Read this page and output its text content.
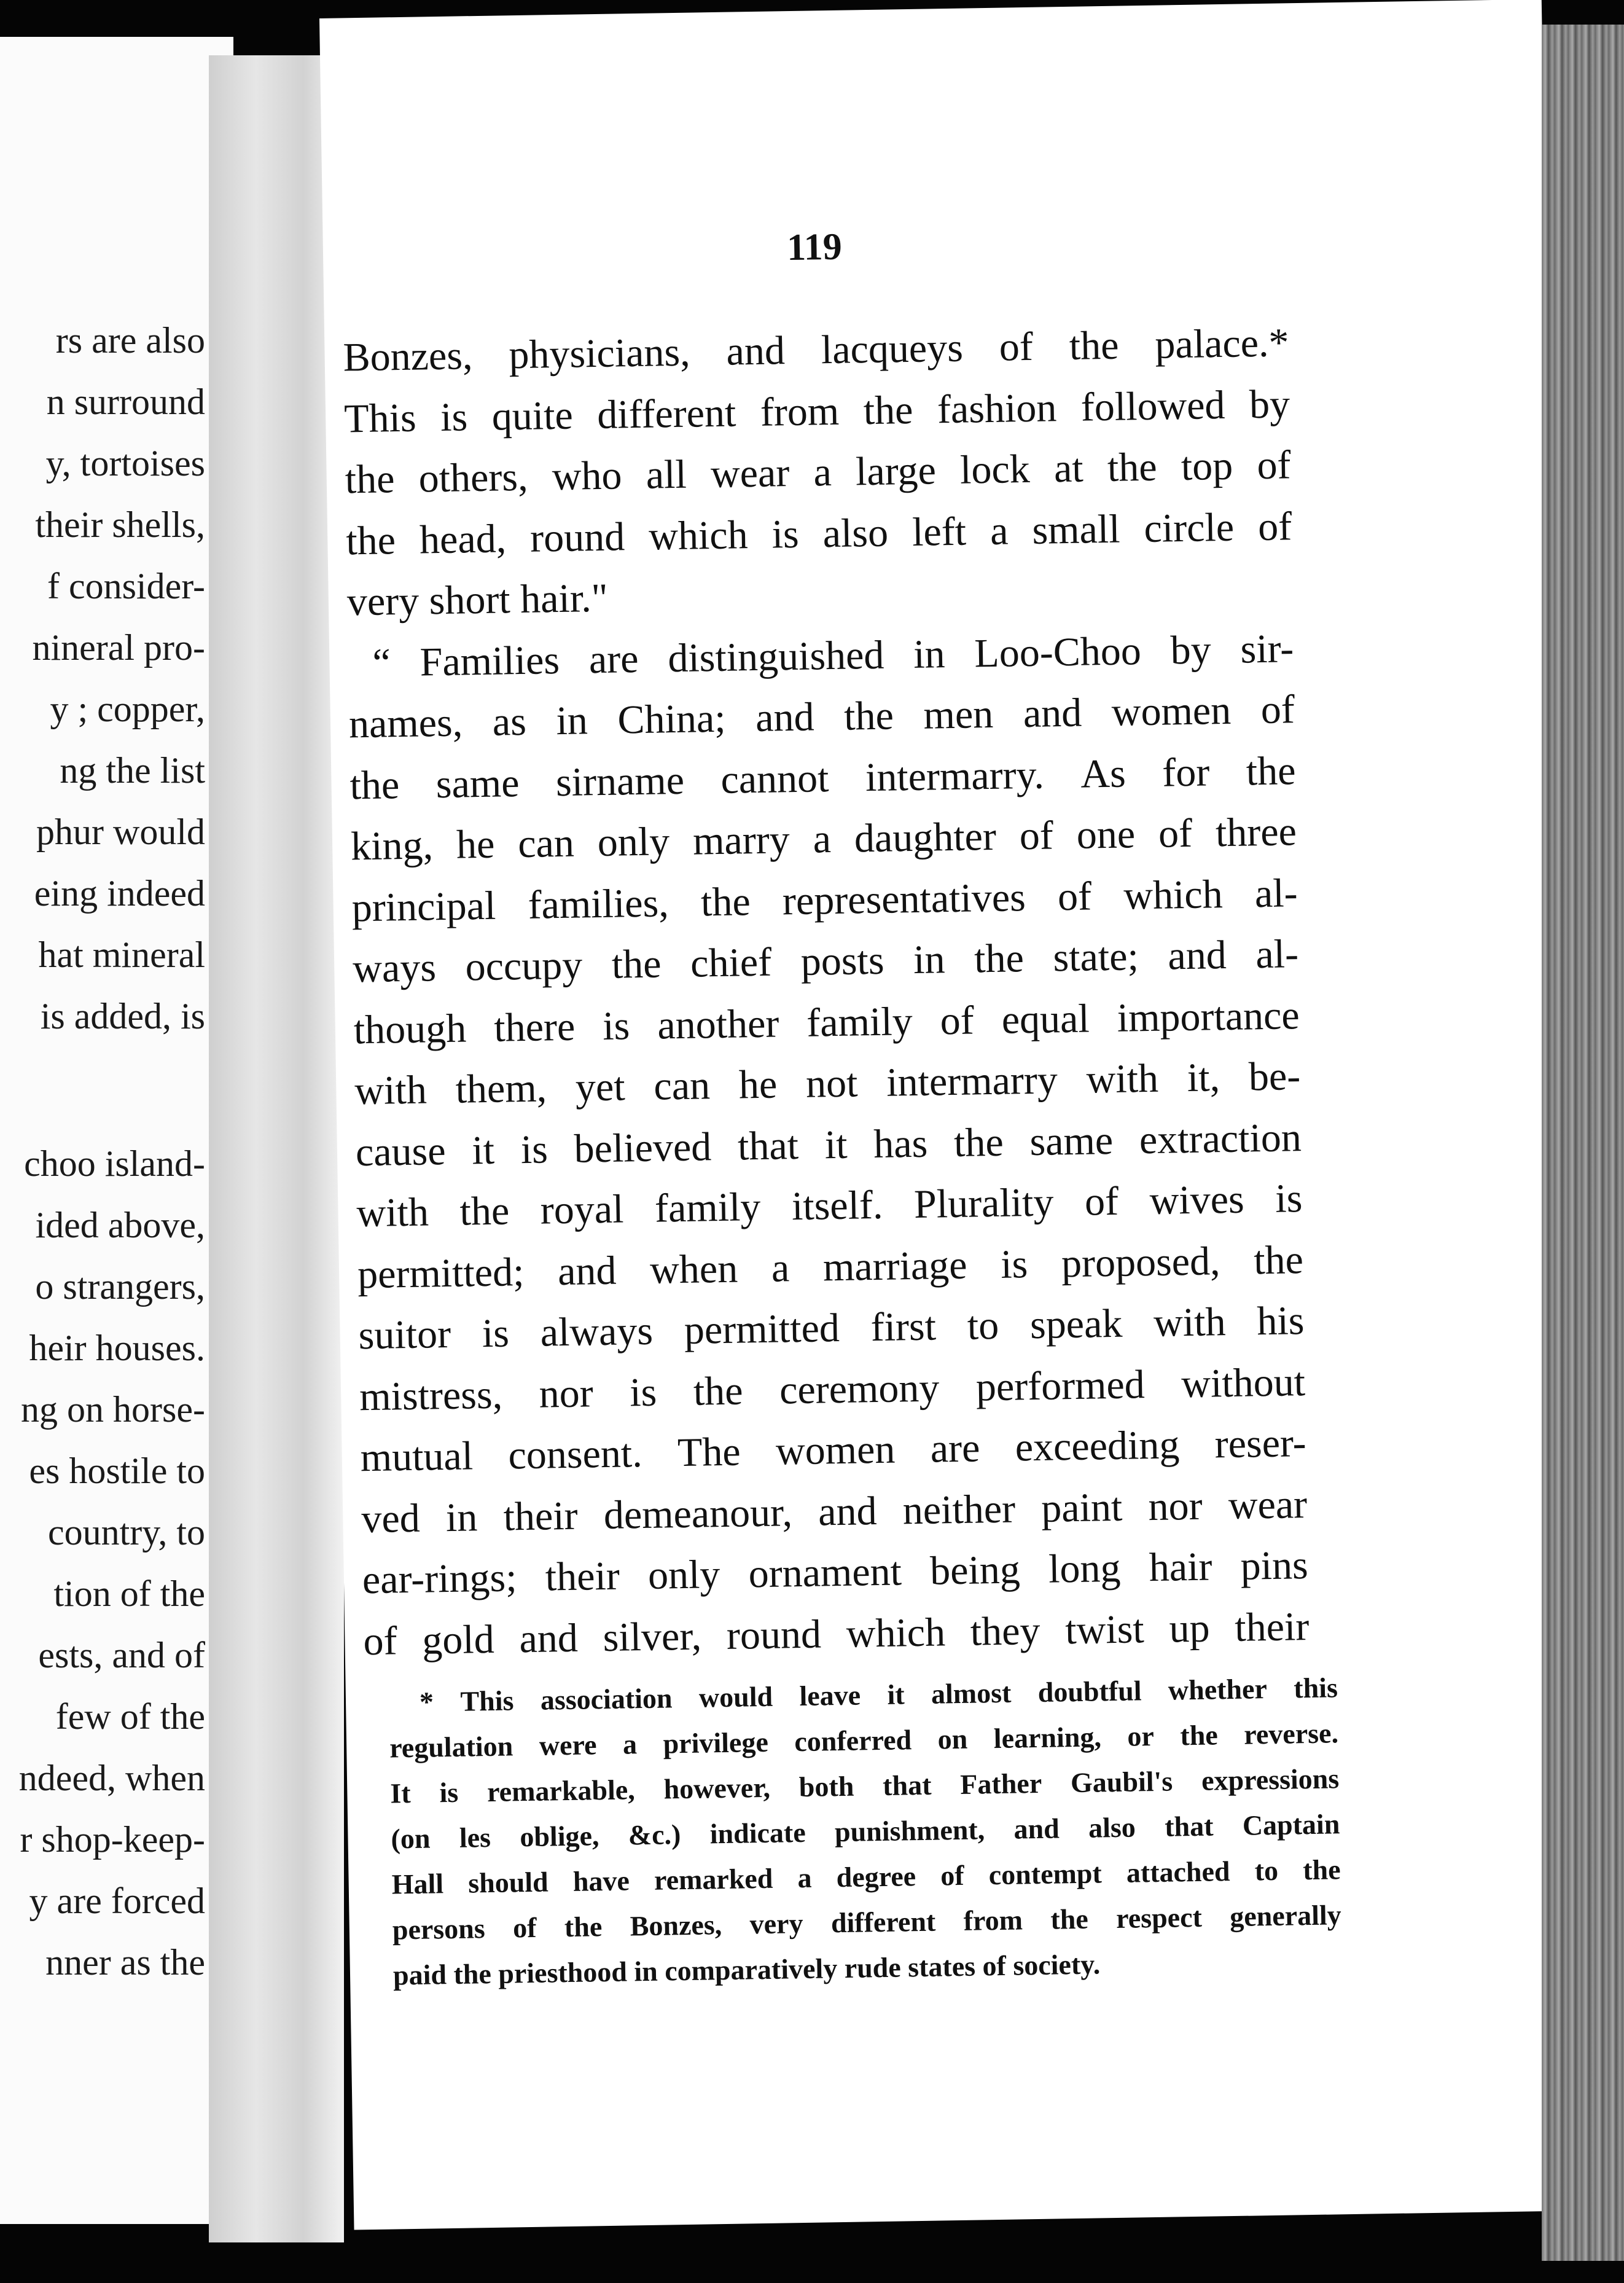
rs are also
n surround
y, tortoises
their shells,
f consider-
nineral pro-
y ; copper,
ng the list
phur would
eing indeed
hat mineral
is added, is
choo island-
ided above,
o strangers,
heir houses.
ng on horse-
es hostile to
country, to
tion of the
ests, and of
few of the
ndeed, when
r shop-keep-
y are forced
nner as the
119
Bonzes, physicians, and lacqueys of the palace.*
This is quite different from the fashion followed by
the others, who all wear a large lock at the top of
the head, round which is also left a small circle of
very short hair."
“ Families are distinguished in Loo-Choo by sir-
names, as in China; and the men and women of
the same sirname cannot intermarry. As for the
king, he can only marry a daughter of one of three
principal families, the representatives of which al-
ways occupy the chief posts in the state; and al-
though there is another family of equal importance
with them, yet can he not intermarry with it, be-
cause it is believed that it has the same extraction
with the royal family itself. Plurality of wives is
permitted; and when a marriage is proposed, the
suitor is always permitted first to speak with his
mistress, nor is the ceremony performed without
mutual consent. The women are exceeding reser-
ved in their demeanour, and neither paint nor wear
ear-rings; their only ornament being long hair pins
of gold and silver, round which they twist up their
* This association would leave it almost doubtful whether this
regulation were a privilege conferred on learning, or the reverse.
It is remarkable, however, both that Father Gaubil's expressions
(on les oblige, &c.) indicate punishment, and also that Captain
Hall should have remarked a degree of contempt attached to the
persons of the Bonzes, very different from the respect generally
paid the priesthood in comparatively rude states of society.
